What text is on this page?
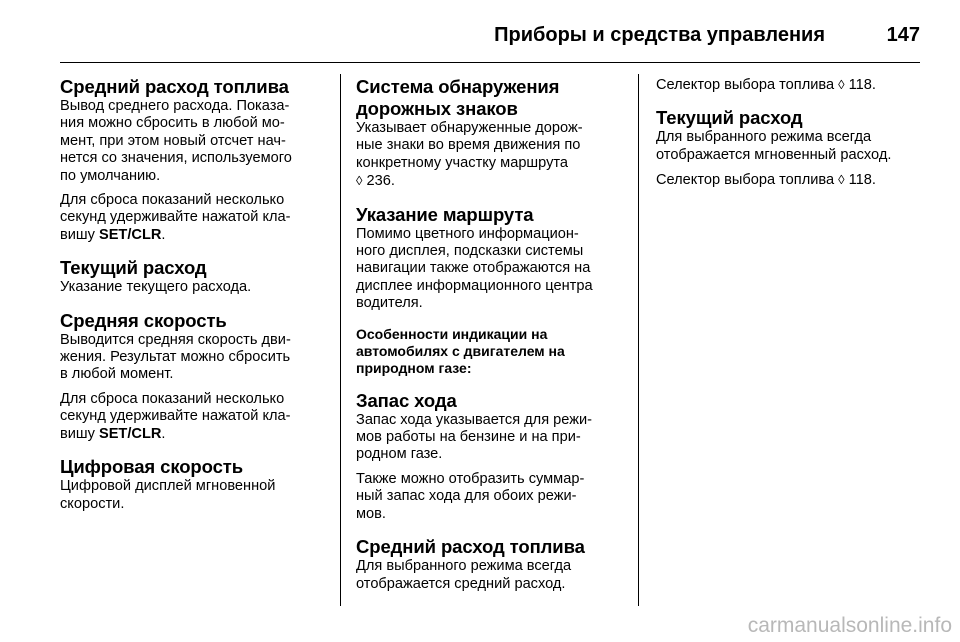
Приборы и средства управления	147
Средний расход топлива

Вывод среднего расхода. Показа-
ния можно сбросить в любой мо-
мент, при этом новый отсчет нач-
нется со значения, используемого
по умолчанию.

Для сброса показаний несколько
секунд удерживайте нажатой кла-
вишу SET/CLR.

Текущий расход

Указание текущего расхода.

Средняя скорость

Выводится средняя скорость дви-
жения. Результат можно сбросить
в любой момент.

Для сброса показаний несколько
секунд удерживайте нажатой кла-
вишу SET/CLR.

Цифровая скорость

Цифровой дисплей мгновенной
скорости.

Система обнаружения
дорожных знаков

Указывает обнаруженные дорож-
ные знаки во время движения по
конкретному участку маршрута
◊ 236.

Указание маршрута

Помимо цветного информацион-
ного дисплея, подсказки системы
навигации также отображаются на
дисплее информационного центра
водителя.

Особенности индикации на
автомобилях с двигателем на
природном газе:
Запас хода

Запас хода указывается для режи-
мов работы на бензине и на при-
родном газе.

Также можно отобразить суммар-
ный запас хода для обоих режи-
мов.

Средний расход топлива

Для выбранного режима всегда
отображается средний расход.

Селектор выбора топлива ◊ 118.

Текущий расход

Для выбранного режима всегда
отображается мгновенный расход.

Селектор выбора топлива ◊ 118.

carmanualsonline.info
